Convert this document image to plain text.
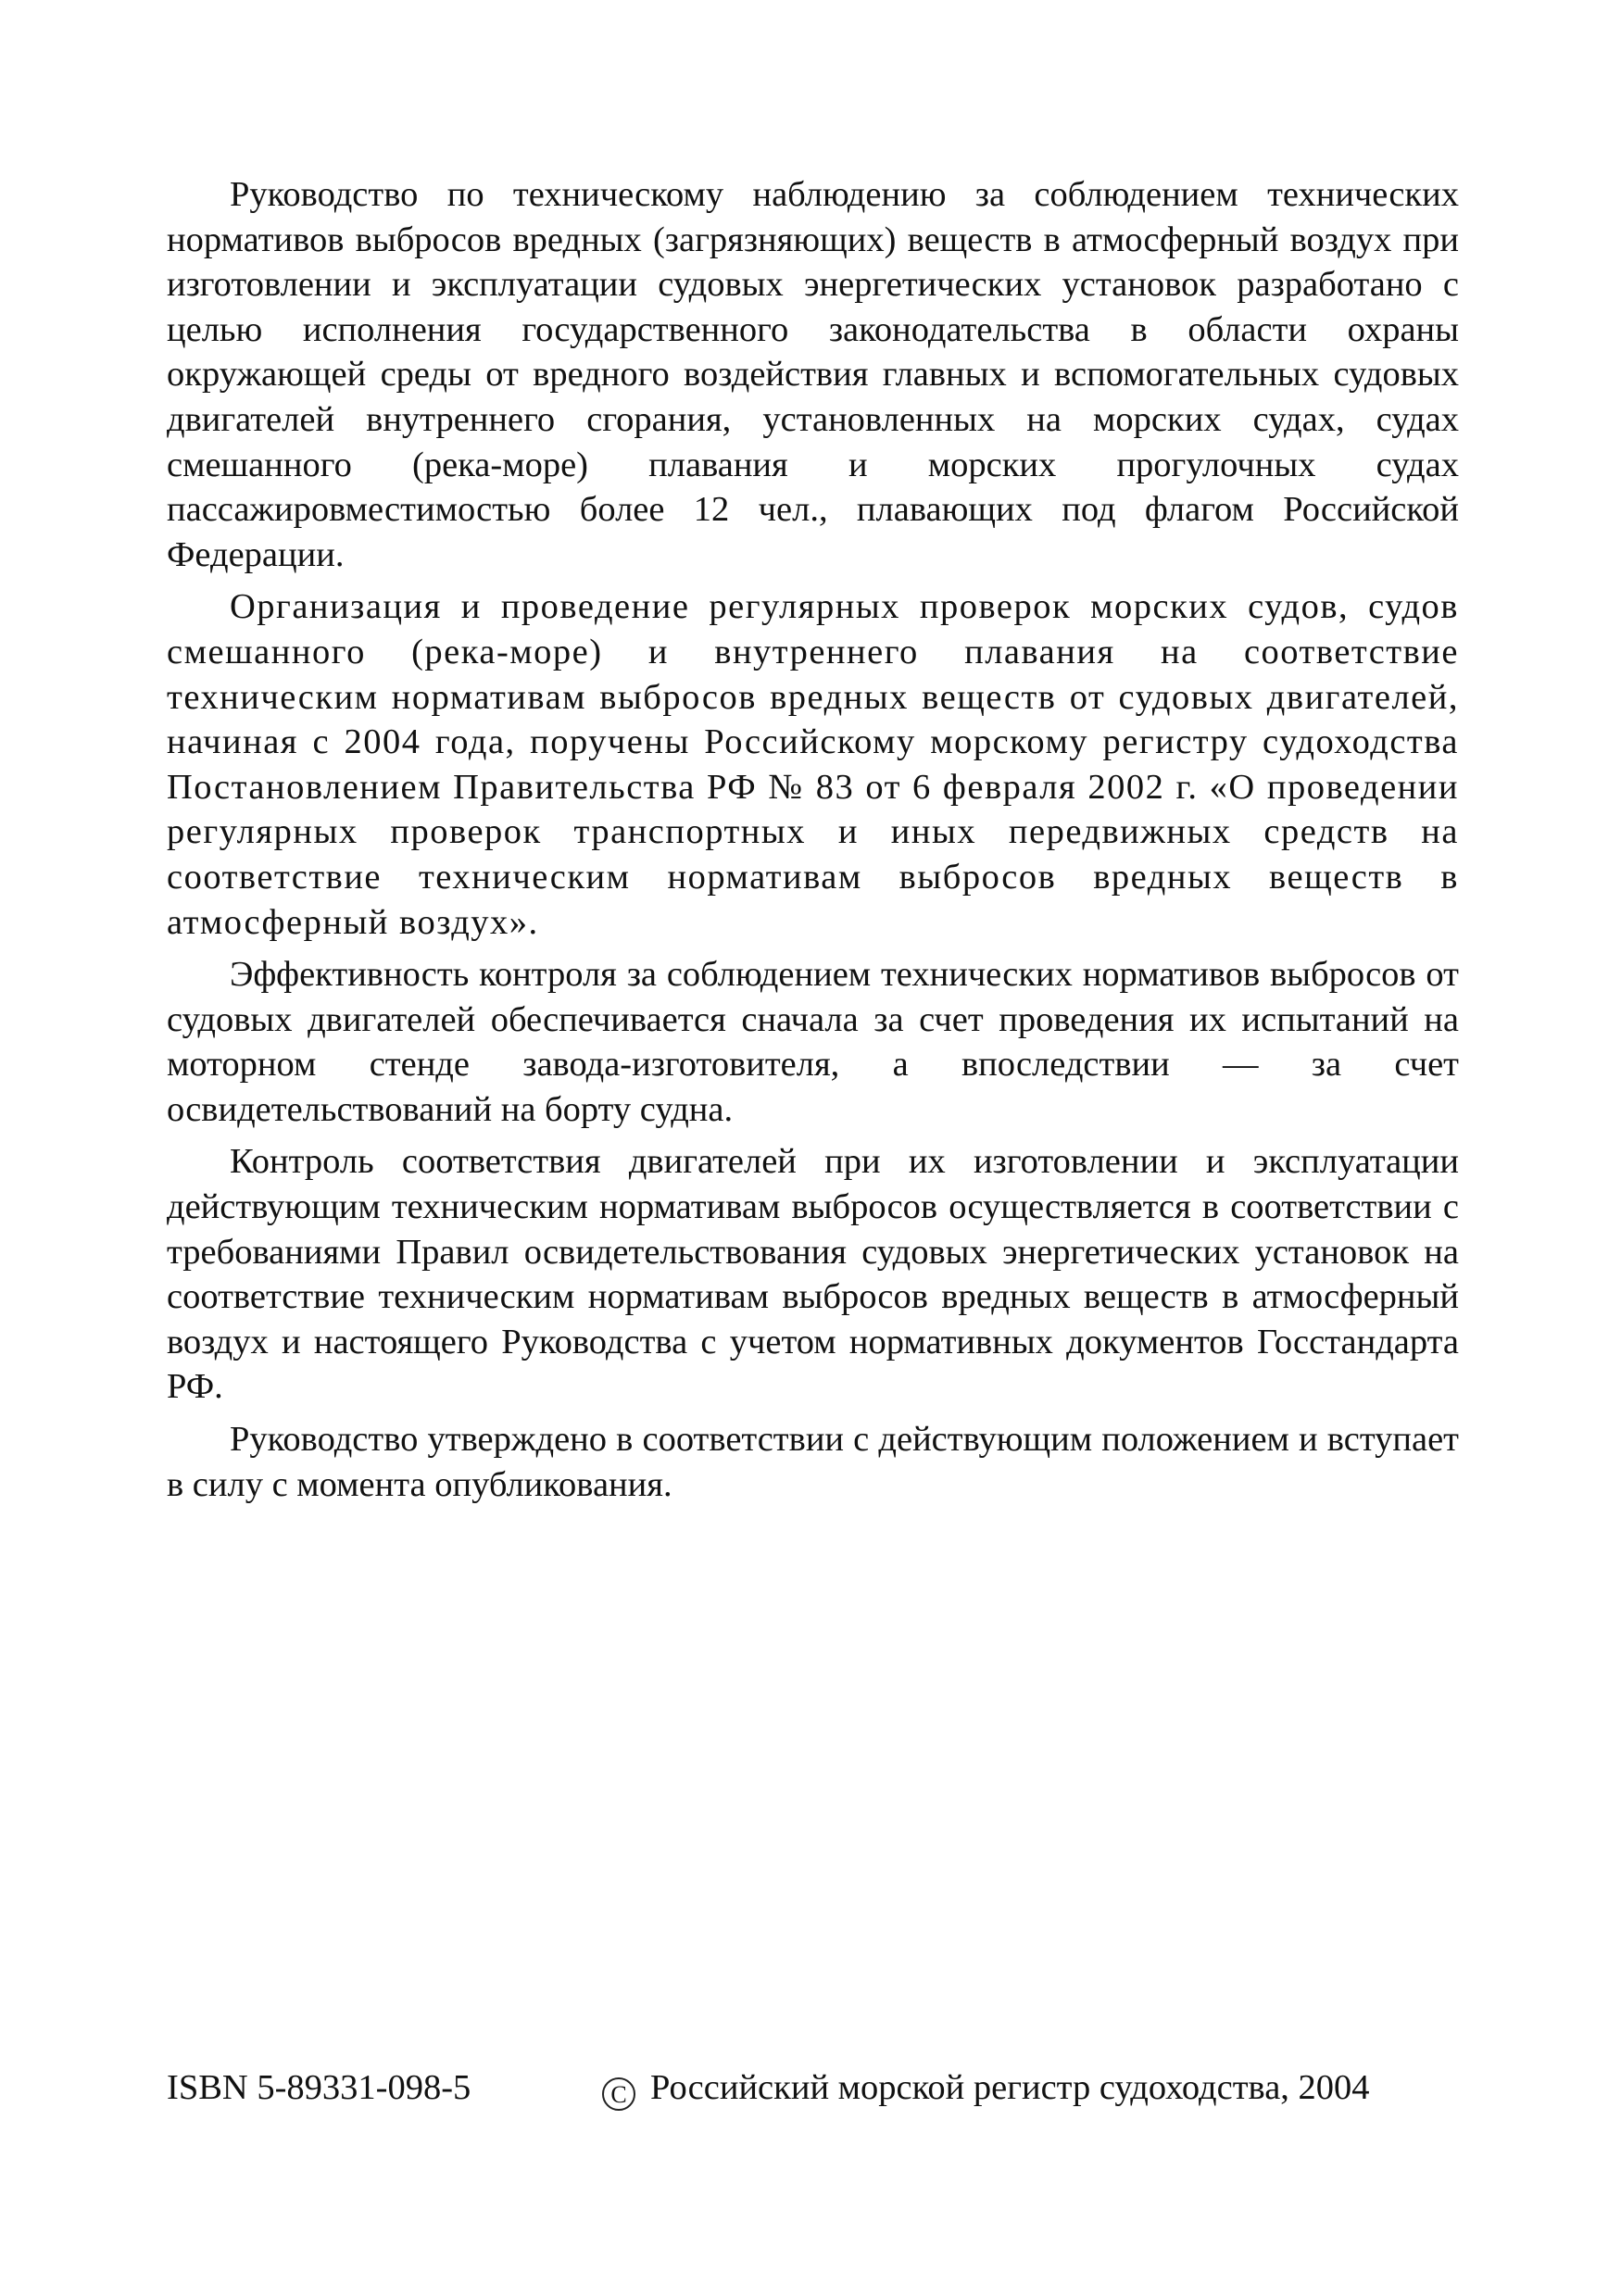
Руководство по техническому наблюдению за соблюдением технических нормативов выбросов вредных (загрязняющих) веществ в атмосферный воздух при изготовлении и эксплуатации судовых энергетических установок разработано с целью исполнения государственного законодательства в области охраны окружающей среды от вредного воздействия главных и вспомогательных судовых двигателей внутреннего сгорания, установленных на морских судах, судах смешанного (река-море) плавания и морских прогулочных судах пассажировместимостью более 12 чел., плавающих под флагом Российской Федерации.

Организация и проведение регулярных проверок морских судов, судов смешанного (река-море) и внутреннего плавания на соответствие техническим нормативам выбросов вредных веществ от судовых двигателей, начиная с 2004 года, поручены Российскому морскому регистру судоходства Постановлением Правительства РФ № 83 от 6 февраля 2002 г. «О проведении регулярных проверок транспортных и иных передвижных средств на соответствие техническим нормативам выбросов вредных веществ в атмосферный воздух».

Эффективность контроля за соблюдением технических нормативов выбросов от судовых двигателей обеспечивается сначала за счет проведения их испытаний на моторном стенде завода-изготовителя, а впоследствии — за счет освидетельствований на борту судна.

Контроль соответствия двигателей при их изготовлении и эксплуатации действующим техническим нормативам выбросов осуществляется в соответствии с требованиями Правил освидетельствования судовых энергетических установок на соответствие техническим нормативам выбросов вредных веществ в атмосферный воздух и настоящего Руководства с учетом нормативных документов Госстандарта РФ.

Руководство утверждено в соответствии с действующим положением и вступает в силу с момента опубликования.

ISBN 5-89331-098-5	C Российский морской регистр судоходства, 2004
